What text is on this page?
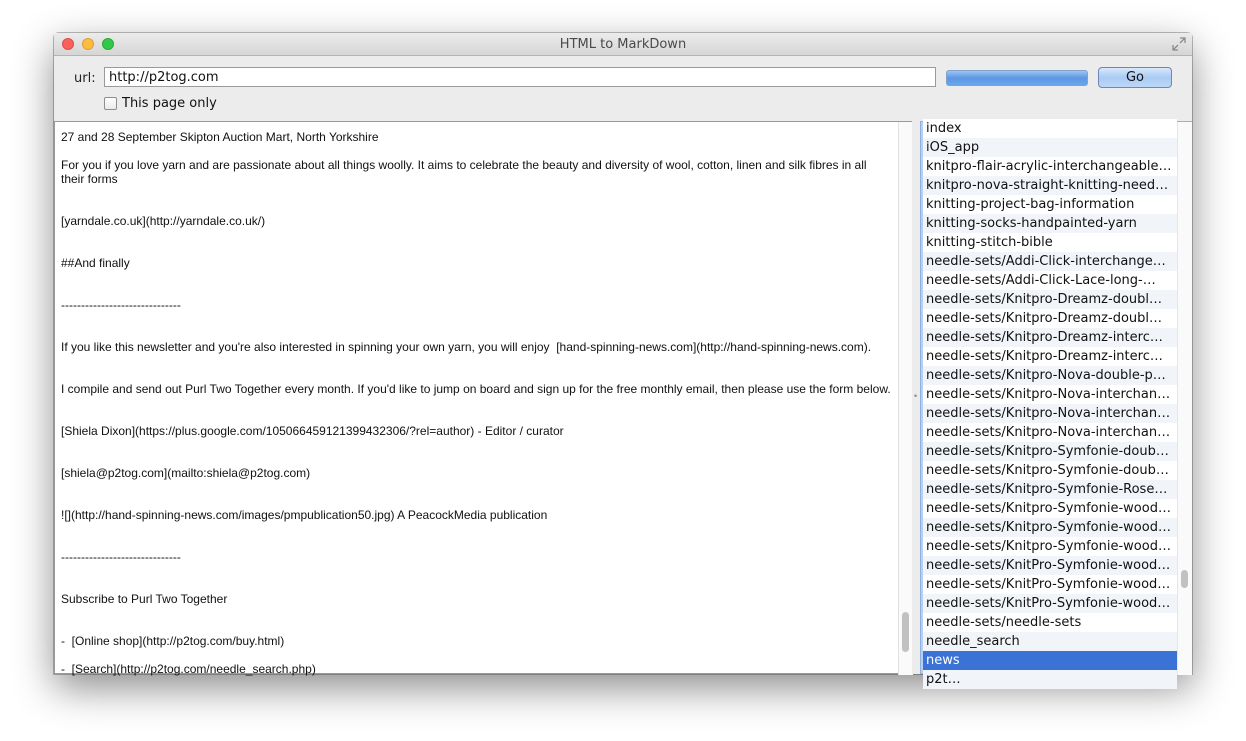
HTML to MarkDown
url:
http://p2tog.com	Go
This page only

27 and 28 September Skipton Auction Mart, North Yorkshire

For you if you love yarn and are passionate about all things woolly. It aims to celebrate the beauty and diversity of wool, cotton, linen and silk fibres in all their forms

[yarndale.co.uk](http://yarndale.co.uk/)

##And finally

------------------------------

If you like this newsletter and you're also interested in spinning your own yarn, you will enjoy  [hand-spinning-news.com](http://hand-spinning-news.com).

I compile and send out Purl Two Together every month. If you'd like to jump on board and sign up for the free monthly email, then please use the form below.

[Shiela Dixon](https://plus.google.com/105066459121399432306/?rel=author) - Editor / curator

[shiela@p2tog.com](mailto:shiela@p2tog.com)

![](http://hand-spinning-news.com/images/pmpublication50.jpg) A PeacockMedia publication

------------------------------

Subscribe to Purl Two Together

-  [Online shop](http://p2tog.com/buy.html)

-  [Search](http://p2tog.com/needle_search.php)

•
index
iOS_app
knitpro-flair-acrylic-interchangeable…
knitpro-nova-straight-knitting-need…
knitting-project-bag-information
knitting-socks-handpainted-yarn
knitting-stitch-bible
needle-sets/Addi-Click-interchange…
needle-sets/Addi-Click-Lace-long-…
needle-sets/Knitpro-Dreamz-doubl…
needle-sets/Knitpro-Dreamz-doubl…
needle-sets/Knitpro-Dreamz-interc…
needle-sets/Knitpro-Dreamz-interc…
needle-sets/Knitpro-Nova-double-p…
needle-sets/Knitpro-Nova-interchan…
needle-sets/Knitpro-Nova-interchan…
needle-sets/Knitpro-Nova-interchan…
needle-sets/Knitpro-Symfonie-doub…
needle-sets/Knitpro-Symfonie-doub…
needle-sets/Knitpro-Symfonie-Rose…
needle-sets/Knitpro-Symfonie-wood…
needle-sets/Knitpro-Symfonie-wood…
needle-sets/Knitpro-Symfonie-wood…
needle-sets/KnitPro-Symfonie-wood…
needle-sets/KnitPro-Symfonie-wood…
needle-sets/KnitPro-Symfonie-wood…
needle-sets/needle-sets
needle_search
news
p2t…
